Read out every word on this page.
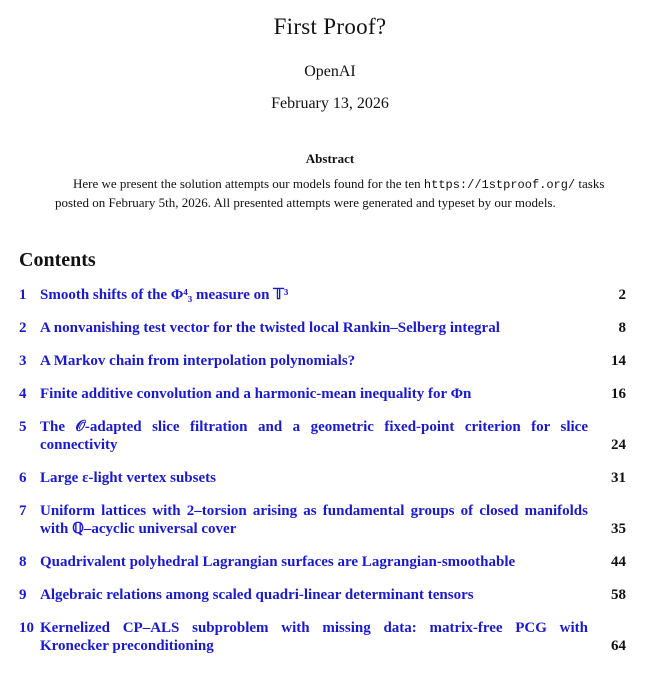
First Proof?
OpenAI
February 13, 2026
Abstract
Here we present the solution attempts our models found for the ten https://1stproof.org/ tasks posted on February 5th, 2026. All presented attempts were generated and typeset by our models.
Contents
1 Smooth shifts of the Φ⁴₃ measure on 𝕋³	2
2 A nonvanishing test vector for the twisted local Rankin–Selberg integral	8
3 A Markov chain from interpolation polynomials?	14
4 Finite additive convolution and a harmonic-mean inequality for Φn	16
5 The 𝒪-adapted slice filtration and a geometric fixed-point criterion for slice connectivity	24
6 Large ε-light vertex subsets	31
7 Uniform lattices with 2–torsion arising as fundamental groups of closed manifolds with ℚ–acyclic universal cover	35
8 Quadrivalent polyhedral Lagrangian surfaces are Lagrangian-smoothable	44
9 Algebraic relations among scaled quadri-linear determinant tensors	58
10 Kernelized CP–ALS subproblem with missing data: matrix-free PCG with Kronecker preconditioning	64
